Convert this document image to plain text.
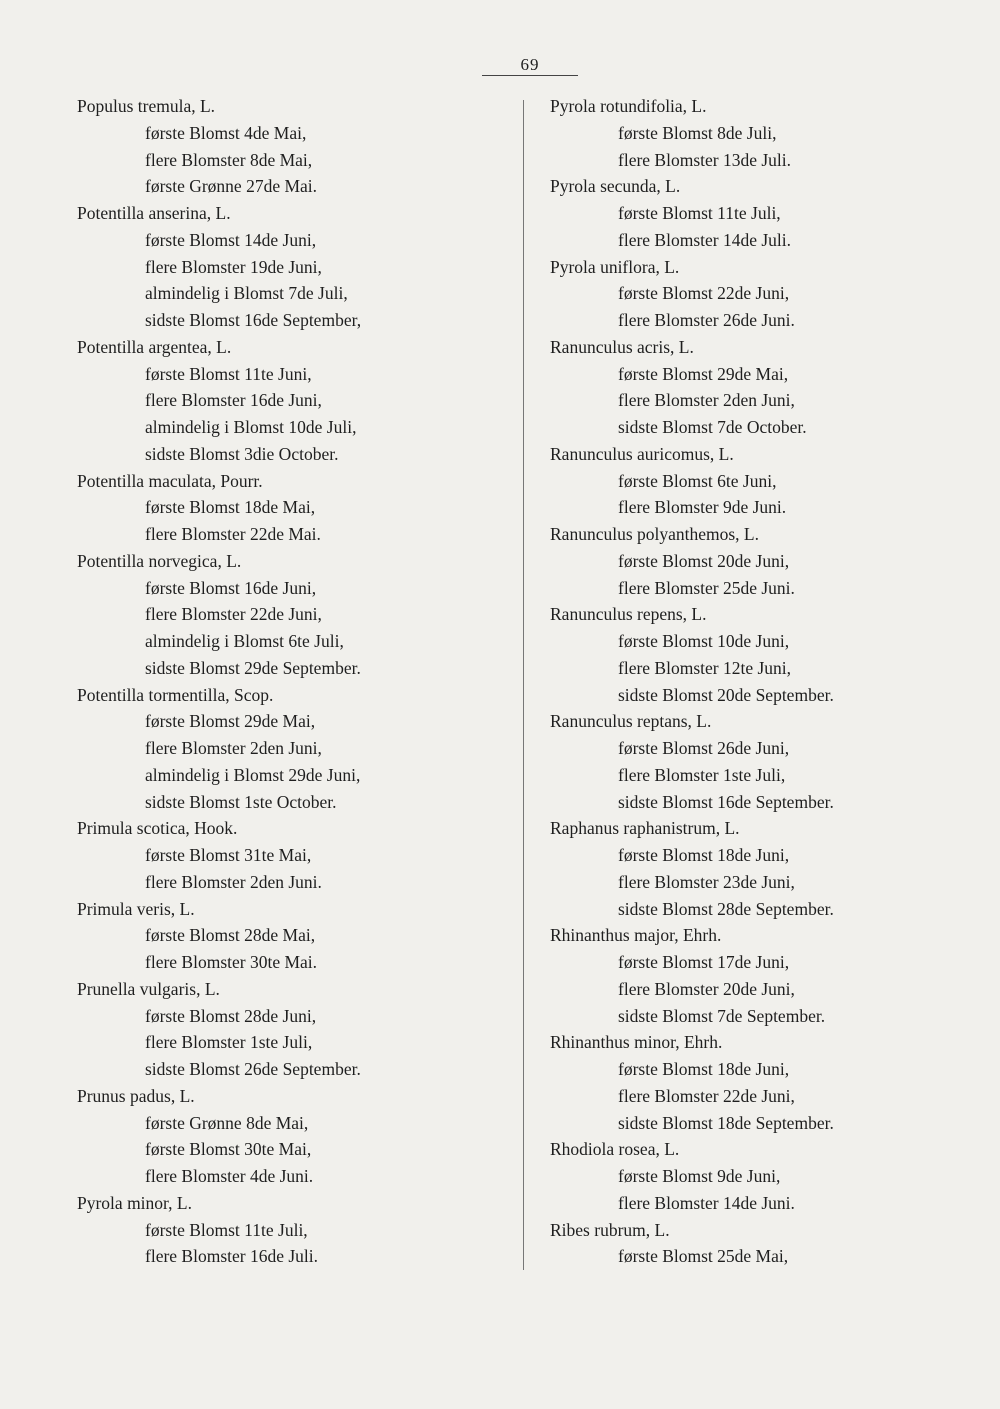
69
Populus tremula, L.
første Blomst 4de Mai,
flere Blomster 8de Mai,
første Grønne 27de Mai.
Potentilla anserina, L.
første Blomst 14de Juni,
flere Blomster 19de Juni,
almindelig i Blomst 7de Juli,
sidste Blomst 16de September,
Potentilla argentea, L.
første Blomst 11te Juni,
flere Blomster 16de Juni,
almindelig i Blomst 10de Juli,
sidste Blomst 3die October.
Potentilla maculata, Pourr.
første Blomst 18de Mai,
flere Blomster 22de Mai.
Potentilla norvegica, L.
første Blomst 16de Juni,
flere Blomster 22de Juni,
almindelig i Blomst 6te Juli,
sidste Blomst 29de September.
Potentilla tormentilla, Scop.
første Blomst 29de Mai,
flere Blomster 2den Juni,
almindelig i Blomst 29de Juni,
sidste Blomst 1ste October.
Primula scotica, Hook.
første Blomst 31te Mai,
flere Blomster 2den Juni.
Primula veris, L.
første Blomst 28de Mai,
flere Blomster 30te Mai.
Prunella vulgaris, L.
første Blomst 28de Juni,
flere Blomster 1ste Juli,
sidste Blomst 26de September.
Prunus padus, L.
første Grønne 8de Mai,
første Blomst 30te Mai,
flere Blomster 4de Juni.
Pyrola minor, L.
første Blomst 11te Juli,
flere Blomster 16de Juli.
Pyrola rotundifolia, L.
første Blomst 8de Juli,
flere Blomster 13de Juli.
Pyrola secunda, L.
første Blomst 11te Juli,
flere Blomster 14de Juli.
Pyrola uniflora, L.
første Blomst 22de Juni,
flere Blomster 26de Juni.
Ranunculus acris, L.
første Blomst 29de Mai,
flere Blomster 2den Juni,
sidste Blomst 7de October.
Ranunculus auricomus, L.
første Blomst 6te Juni,
flere Blomster 9de Juni.
Ranunculus polyanthemos, L.
første Blomst 20de Juni,
flere Blomster 25de Juni.
Ranunculus repens, L.
første Blomst 10de Juni,
flere Blomster 12te Juni,
sidste Blomst 20de September.
Ranunculus reptans, L.
første Blomst 26de Juni,
flere Blomster 1ste Juli,
sidste Blomst 16de September.
Raphanus raphanistrum, L.
første Blomst 18de Juni,
flere Blomster 23de Juni,
sidste Blomst 28de September.
Rhinanthus major, Ehrh.
første Blomst 17de Juni,
flere Blomster 20de Juni,
sidste Blomst 7de September.
Rhinanthus minor, Ehrh.
første Blomst 18de Juni,
flere Blomster 22de Juni,
sidste Blomst 18de September.
Rhodiola rosea, L.
første Blomst 9de Juni,
flere Blomster 14de Juni.
Ribes rubrum, L.
første Blomst 25de Mai,
